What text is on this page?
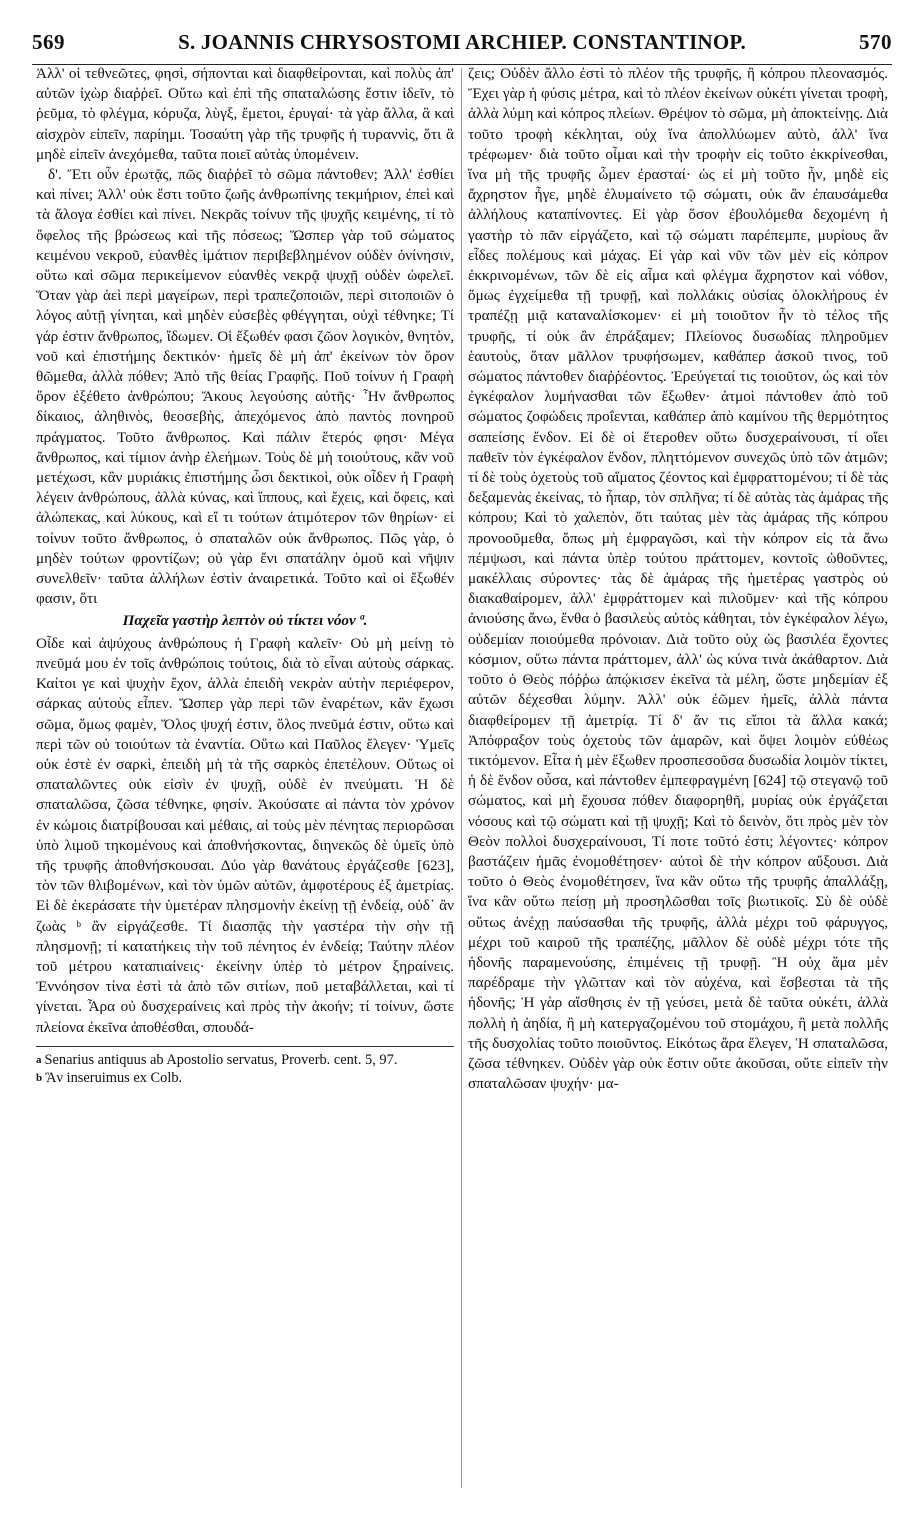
569	S. JOANNIS CHRYSOSTOMI ARCHIEP. CONSTANTINOP.	570

Ἀλλ' οἱ τεθνεῶτες, φησὶ, σήπονται καὶ διαφθείρονται, καὶ πολὺς ἀπ' αὐτῶν ἰχὼρ διαῤῥεῖ. Οὕτω καὶ ἐπὶ τῆς σπαταλώσης ἔστιν ἰδεῖν, τὸ ῥεῦμα, τὸ φλέγμα, κόρυζα, λὺγξ, ἔμετοι, ἐρυγαί· τὰ γὰρ ἄλλα, ἃ καὶ αἰσχρὸν εἰπεῖν, παρίημι. Τοσαύτη γὰρ τῆς τρυφῆς ἡ τυραννὶς, ὅτι ἃ μηδὲ εἰπεῖν ἀνεχόμεθα, ταῦτα ποιεῖ αὐτὰς ὑπομένειν.

δ'. Ἔτι οὖν ἐρωτᾷς, πῶς διαῤῥεῖ τὸ σῶμα πάντοθεν; Ἀλλ' ἐσθίει καὶ πίνει; Ἀλλ' οὐκ ἔστι τοῦτο ζωῆς ἀνθρωπίνης τεκμήριον, ἐπεὶ καὶ τὰ ἄλογα ἐσθίει καὶ πίνει. Νεκρᾶς τοίνυν τῆς ψυχῆς κειμένης, τί τὸ ὄφελος τῆς βρώσεως καὶ τῆς πόσεως; Ὥσπερ γὰρ τοῦ σώματος κειμένου νεκροῦ, εὐανθὲς ἱμάτιον περιβεβλημένον οὐδὲν ὀνίνησιν, οὕτω καὶ σῶμα περικείμενον εὐανθὲς νεκρᾷ ψυχῇ οὐδὲν ὠφελεῖ. Ὅταν γὰρ ἀεὶ περὶ μαγείρων, περὶ τραπεζοποιῶν, περὶ σιτοποιῶν ὁ λόγος αὐτῇ γίνηται, καὶ μηδὲν εὐσεβὲς φθέγγηται, οὐχὶ τέθνηκε; Τί γάρ ἐστιν ἄνθρωπος, ἴδωμεν. Οἱ ἔξωθέν φασι ζῶον λογικὸν, θνητὸν, νοῦ καὶ ἐπιστήμης δεκτικόν· ἡμεῖς δὲ μὴ ἀπ' ἐκείνων τὸν ὅρον θῶμεθα, ἀλλὰ πόθεν; Ἀπὸ τῆς θείας Γραφῆς. Ποῦ τοίνυν ἡ Γραφὴ ὅρον ἐξέθετο ἀνθρώπου; Ἄκους λεγούσης αὐτῆς· Ἦν ἄνθρωπος δίκαιος, ἀληθινὸς, θεοσεβὴς, ἀπεχόμενος ἀπὸ παντὸς πονηροῦ πράγματος. Τοῦτο ἄνθρωπος. Καὶ πάλιν ἕτερός φησι· Μέγα ἄνθρωπος, καὶ τίμιον ἀνὴρ ἐλεήμων. Τοὺς δὲ μὴ τοιούτους, κἂν νοῦ μετέχωσι, κἂν μυριάκις ἐπιστήμης ὦσι δεκτικοὶ, οὐκ οἶδεν ἡ Γραφὴ λέγειν ἀνθρώπους, ἀλλὰ κύνας, καὶ ἵππους, καὶ ἔχεις, καὶ ὄφεις, καὶ ἀλώπεκας, καὶ λύκους, καὶ εἴ τι τούτων ἀτιμότερον τῶν θηρίων· εἰ τοίνυν τοῦτο ἄνθρωπος, ὁ σπαταλῶν οὐκ ἄνθρωπος. Πῶς γὰρ, ὁ μηδὲν τούτων φροντίζων; οὐ γὰρ ἔνι σπατάλην ὁμοῦ καὶ νῆψιν συνελθεῖν· ταῦτα ἀλλήλων ἐστὶν ἀναιρετικά. Τοῦτο καὶ οἱ ἔξωθέν φασιν, ὅτι

Παχεῖα γαστὴρ λεπτὸν οὐ τίκτει νόον ª.

Οἶδε καὶ ἀψύχους ἀνθρώπους ἡ Γραφὴ καλεῖν· Οὐ μὴ μείνῃ τὸ πνεῦμά μου ἐν τοῖς ἀνθρώποις τούτοις, διὰ τὸ εἶναι αὐτοὺς σάρκας. Καίτοι γε καὶ ψυχὴν ἔχον, ἀλλὰ ἐπειδὴ νεκρὰν αὐτὴν περιέφερον, σάρκας αὐτοὺς εἶπεν. Ὥσπερ γὰρ περὶ τῶν ἐναρέτων, κἂν ἔχωσι σῶμα, ὅμως φαμὲν, Ὅλος ψυχή ἐστιν, ὅλος πνεῦμά ἐστιν, οὕτω καὶ περὶ τῶν οὐ τοιούτων τὰ ἐναντία. Οὕτω καὶ Παῦλος ἔλεγεν· Ὑμεῖς οὐκ ἐστὲ ἐν σαρκὶ, ἐπειδὴ μὴ τὰ τῆς σαρκὸς ἐπετέλουν. Οὕτως οἱ σπαταλῶντες οὐκ εἰσὶν ἐν ψυχῇ, οὐδὲ ἐν πνεύματι. Ἡ δὲ σπαταλῶσα, ζῶσα τέθνηκε, φησίν. Ἀκούσατε αἱ πάντα τὸν χρόνον ἐν κώμοις διατρίβουσαι καὶ μέθαις, αἱ τοὺς μὲν πένητας περιορῶσαι ὑπὸ λιμοῦ τηκομένους καὶ ἀποθνήσκοντας, διηνεκῶς δὲ ὑμεῖς ὑπὸ τῆς τρυφῆς ἀποθνήσκουσαι. Δύο γὰρ θανάτους ἐργάζεσθε [623], τὸν τῶν θλιβομένων, καὶ τὸν ὑμῶν αὐτῶν, ἀμφοτέρους ἐξ ἀμετρίας. Εἰ δὲ ἐκεράσατε τὴν ὑμετέραν πλησμονὴν ἐκείνῃ τῇ ἐνδείᾳ, οὐδ᾽ ἂν ζωὰς ᵇ ἂν εἰργάζεσθε. Τί διασπᾷς τὴν γαστέρα τὴν σὴν τῇ πλησμονῇ; τί κατατήκεις τὴν τοῦ πένητος ἐν ἐνδείᾳ; Ταύτην πλέον τοῦ μέτρου καταπιαίνεις· ἐκείνην ὑπὲρ τὸ μέτρον ξηραίνεις. Ἐννόησον τίνα ἐστὶ τὰ ἀπὸ τῶν σιτίων, ποῦ μεταβάλλεται, καὶ τί γίνεται. Ἆρα οὐ δυσχεραίνεις καὶ πρὸς τὴν ἀκοήν; τί τοίνυν, ὥστε πλείονα ἐκεῖνα ἀποθέσθαι, σπουδά-

$^a$ Senarius antiquus ab Apostolio servatus, Proverb. cent. 5, 97.

$^b$ Ἂν inseruimus ex Colb.

ζεις; Οὐδὲν ἄλλο ἐστὶ τὸ πλέον τῆς τρυφῆς, ἢ κόπρου πλεονασμός. Ἔχει γὰρ ἡ φύσις μέτρα, καὶ τὸ πλέον ἐκείνων οὐκέτι γίνεται τροφὴ, ἀλλὰ λύμη καὶ κόπρος πλείων. Θρέψον τὸ σῶμα, μὴ ἀποκτείνῃς. Διὰ τοῦτο τροφὴ κέκληται, οὐχ ἵνα ἀπολλύωμεν αὐτὸ, ἀλλ' ἵνα τρέφωμεν· διὰ τοῦτο οἶμαι καὶ τὴν τροφὴν εἰς τοῦτο ἐκκρίνεσθαι, ἵνα μὴ τῆς τρυφῆς ὦμεν ἐρασταί· ὡς εἰ μὴ τοῦτο ἦν, μηδὲ εἰς ἄχρηστον ἦγε, μηδὲ ἐλυμαίνετο τῷ σώματι, οὐκ ἂν ἐπαυσάμεθα ἀλλήλους καταπίνοντες. Εἰ γὰρ ὅσον ἐβουλόμεθα δεχομένη ἡ γαστὴρ τὸ πᾶν εἰργάζετο, καὶ τῷ σώματι παρέπεμπε, μυρίους ἂν εἶδες πολέμους καὶ μάχας. Εἰ γὰρ καὶ νῦν τῶν μὲν εἰς κόπρον ἐκκρινομένων, τῶν δὲ εἰς αἷμα καὶ φλέγμα ἄχρηστον καὶ νόθον, ὅμως ἐγχείμεθα τῇ τρυφῇ, καὶ πολλάκις οὐσίας ὁλοκλήρους ἐν τραπέζῃ μιᾷ καταναλίσκομεν· εἰ μὴ τοιοῦτον ἦν τὸ τέλος τῆς τρυφῆς, τί οὐκ ἂν ἐπράξαμεν; Πλείονος δυσωδίας πληροῦμεν ἑαυτοὺς, ὅταν μᾶλλον τρυφήσωμεν, καθάπερ ἀσκοῦ τινος, τοῦ σώματος πάντοθεν διαῤῥέοντος. Ἐρεύγεταί τις τοιοῦτον, ὡς καὶ τὸν ἐγκέφαλον λυμήνασθαι τῶν ἔξωθεν· ἀτμοὶ πάντοθεν ἀπὸ τοῦ σώματος ζοφώδεις προΐενται, καθάπερ ἀπὸ καμίνου τῆς θερμότητος σαπείσης ἔνδον. Εἰ δὲ οἱ ἕτεροθεν οὕτω δυσχεραίνουσι, τί οἴει παθεῖν τὸν ἐγκέφαλον ἔνδον, πληττόμενον συνεχῶς ὑπὸ τῶν ἀτμῶν; τί δὲ τοὺς ὀχετοὺς τοῦ αἵματος ζέοντος καὶ ἐμφραττομένου; τί δὲ τὰς δεξαμενὰς ἐκείνας, τὸ ἧπαρ, τὸν σπλῆνα; τί δὲ αὐτὰς τὰς ἀμάρας τῆς κόπρου; Καὶ τὸ χαλεπὸν, ὅτι ταύτας μὲν τὰς ἀμάρας τῆς κόπρου προνοοῦμεθα, ὅπως μὴ ἐμφραγῶσι, καὶ τὴν κόπρον εἰς τὰ ἄνω πέμψωσι, καὶ πάντα ὑπὲρ τούτου πράττομεν, κοντοῖς ὠθοῦντες, μακέλλαις σύροντες· τὰς δὲ ἀμάρας τῆς ἡμετέρας γαστρὸς οὐ διακαθαίρομεν, ἀλλ' ἐμφράττομεν καὶ πιλοῦμεν· καὶ τῆς κόπρου ἀνιούσης ἄνω, ἔνθα ὁ βασιλεὺς αὐτὸς κάθηται, τὸν ἐγκέφαλον λέγω, οὐδεμίαν ποιούμεθα πρόνοιαν. Διὰ τοῦτο οὐχ ὡς βασιλέα ἔχοντες κόσμιον, οὕτω πάντα πράττομεν, ἀλλ' ὡς κύνα τινὰ ἀκάθαρτον. Διὰ τοῦτο ὁ Θεὸς πόῤῥω ἀπῴκισεν ἐκεῖνα τὰ μέλη, ὥστε μηδεμίαν ἐξ αὐτῶν δέχεσθαι λύμην. Ἀλλ' οὐκ ἐῶμεν ἡμεῖς, ἀλλὰ πάντα διαφθείρομεν τῇ ἀμετρίᾳ. Τί δ' ἄν τις εἴποι τὰ ἄλλα κακά; Ἀπόφραξον τοὺς ὀχετοὺς τῶν ἀμαρῶν, καὶ ὄψει λοιμὸν εὐθέως τικτόμενον. Εἶτα ἡ μὲν ἔξωθεν προσπεσοῦσα δυσωδία λοιμὸν τίκτει, ἡ δὲ ἔνδον οὖσα, καὶ πάντοθεν ἐμπεφραγμένη [624] τῷ στεγανῷ τοῦ σώματος, καὶ μὴ ἔχουσα πόθεν διαφορηθῆ, μυρίας οὐκ ἐργάζεται νόσους καὶ τῷ σώματι καὶ τῇ ψυχῇ; Καὶ τὸ δεινὸν, ὅτι πρὸς μὲν τὸν Θεὸν πολλοὶ δυσχεραίνουσι, Τί ποτε τοῦτό ἐστι; λέγοντες· κόπρον βαστάζειν ἡμᾶς ἐνομοθέτησεν· αὐτοὶ δὲ τὴν κόπρον αὔξουσι. Διὰ τοῦτο ὁ Θεὸς ἐνομοθέτησεν, ἵνα κἂν οὕτω τῆς τρυφῆς ἀπαλλάξῃ, ἵνα κἂν οὕτω πείσῃ μὴ προσηλῶσθαι τοῖς βιωτικοῖς. Σὺ δὲ οὐδὲ οὕτως ἀνέχῃ παύσασθαι τῆς τρυφῆς, ἀλλὰ μέχρι τοῦ φάρυγγος, μέχρι τοῦ καιροῦ τῆς τραπέζης, μᾶλλον δὲ οὐδὲ μέχρι τότε τῆς ἡδονῆς παραμενούσης, ἐπιμένεις τῇ τρυφῇ. Ἢ οὐχ ἅμα μὲν παρέδραμε τὴν γλῶτταν καὶ τὸν αὐχένα, καὶ ἔσβεσται τὰ τῆς ἡδονῆς; Ἡ γὰρ αἴσθησις ἐν τῇ γεύσει, μετὰ δὲ ταῦτα οὐκέτι, ἀλλὰ πολλὴ ἡ ἀηδία, ἢ μὴ κατεργαζομένου τοῦ στομάχου, ἢ μετὰ πολλῆς τῆς δυσχολίας τοῦτο ποιοῦντος. Εἰκότως ἄρα ἔλεγεν, Ἡ σπαταλῶσα, ζῶσα τέθνηκεν. Οὐδὲν γὰρ οὐκ ἔστιν οὔτε ἀκοῦσαι, οὔτε εἰπεῖν τὴν σπαταλῶσαν ψυχήν· μα-
